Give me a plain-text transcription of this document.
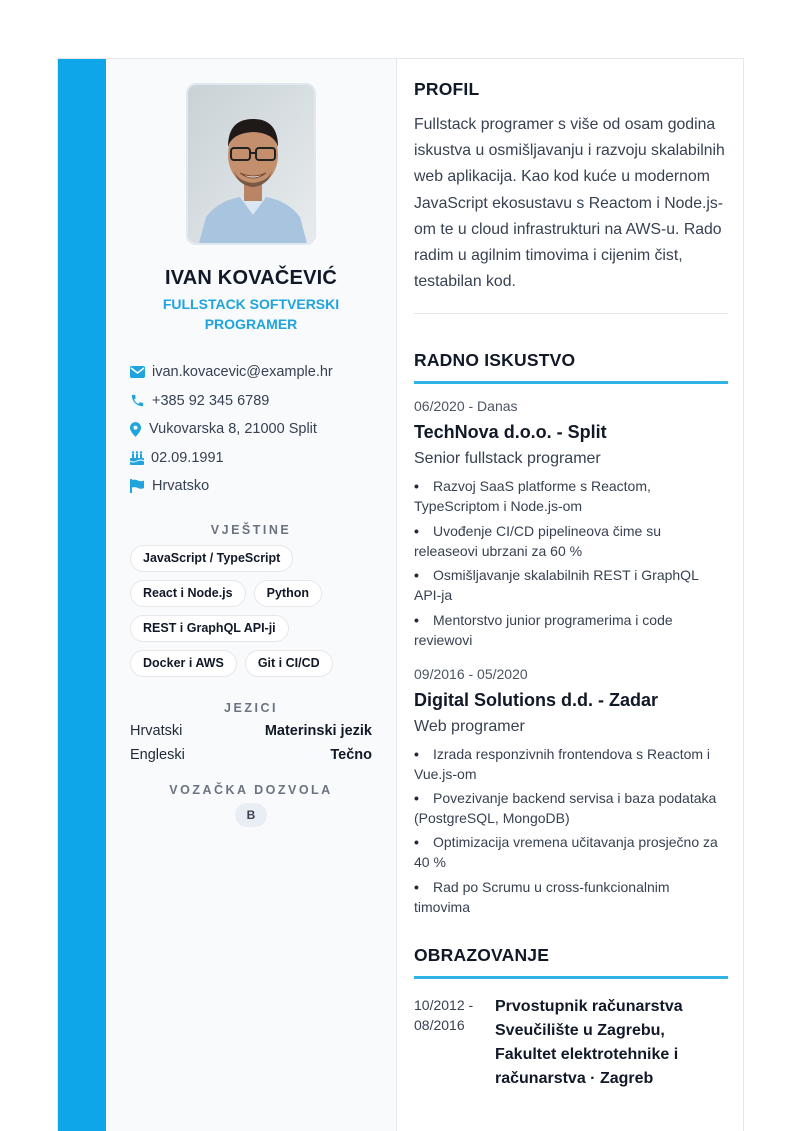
IVAN KOVAČEVIĆ
FULLSTACK SOFTVERSKI PROGRAMER
ivan.kovacevic@example.hr
+385 92 345 6789
Vukovarska 8, 21000 Split
02.09.1991
Hrvatsko
VJEŠTINE
JavaScript / TypeScript
React i Node.js	Python
REST i GraphQL API-ji
Docker i AWS	Git i CI/CD
JEZICI
Hrvatski	Materinski jezik
Engleski	Tečno
VOZAČKA DOZVOLA
B
PROFIL

Fullstack programer s više od osam godina iskustva u osmišljavanju i razvoju skalabilnih web aplikacija. Kao kod kuće u modernom JavaScript ekosustavu s Reactom i Node.js-om te u cloud infrastrukturi na AWS-u. Rado radim u agilnim timovima i cijenim čist, testabilan kod.

RADNO ISKUSTVO
06/2020 - Danas
TechNova d.o.o. - Split
Senior fullstack programer
• Razvoj SaaS platforme s Reactom, TypeScriptom i Node.js-om
• Uvođenje CI/CD pipelineova čime su releaseovi ubrzani za 60 %
• Osmišljavanje skalabilnih REST i GraphQL API-ja
• Mentorstvo junior programerima i code reviewovi
09/2016 - 05/2020
Digital Solutions d.d. - Zadar
Web programer
• Izrada responzivnih frontendova s Reactom i Vue.js-om
• Povezivanje backend servisa i baza podataka (PostgreSQL, MongoDB)
• Optimizacija vremena učitavanja prosječno za 40 %
• Rad po Scrumu u cross-funkcionalnim timovima
OBRAZOVANJE
10/2012 - 08/2016
Prvostupnik računarstva Sveučilište u Zagrebu, Fakultet elektrotehnike i računarstva · Zagreb
